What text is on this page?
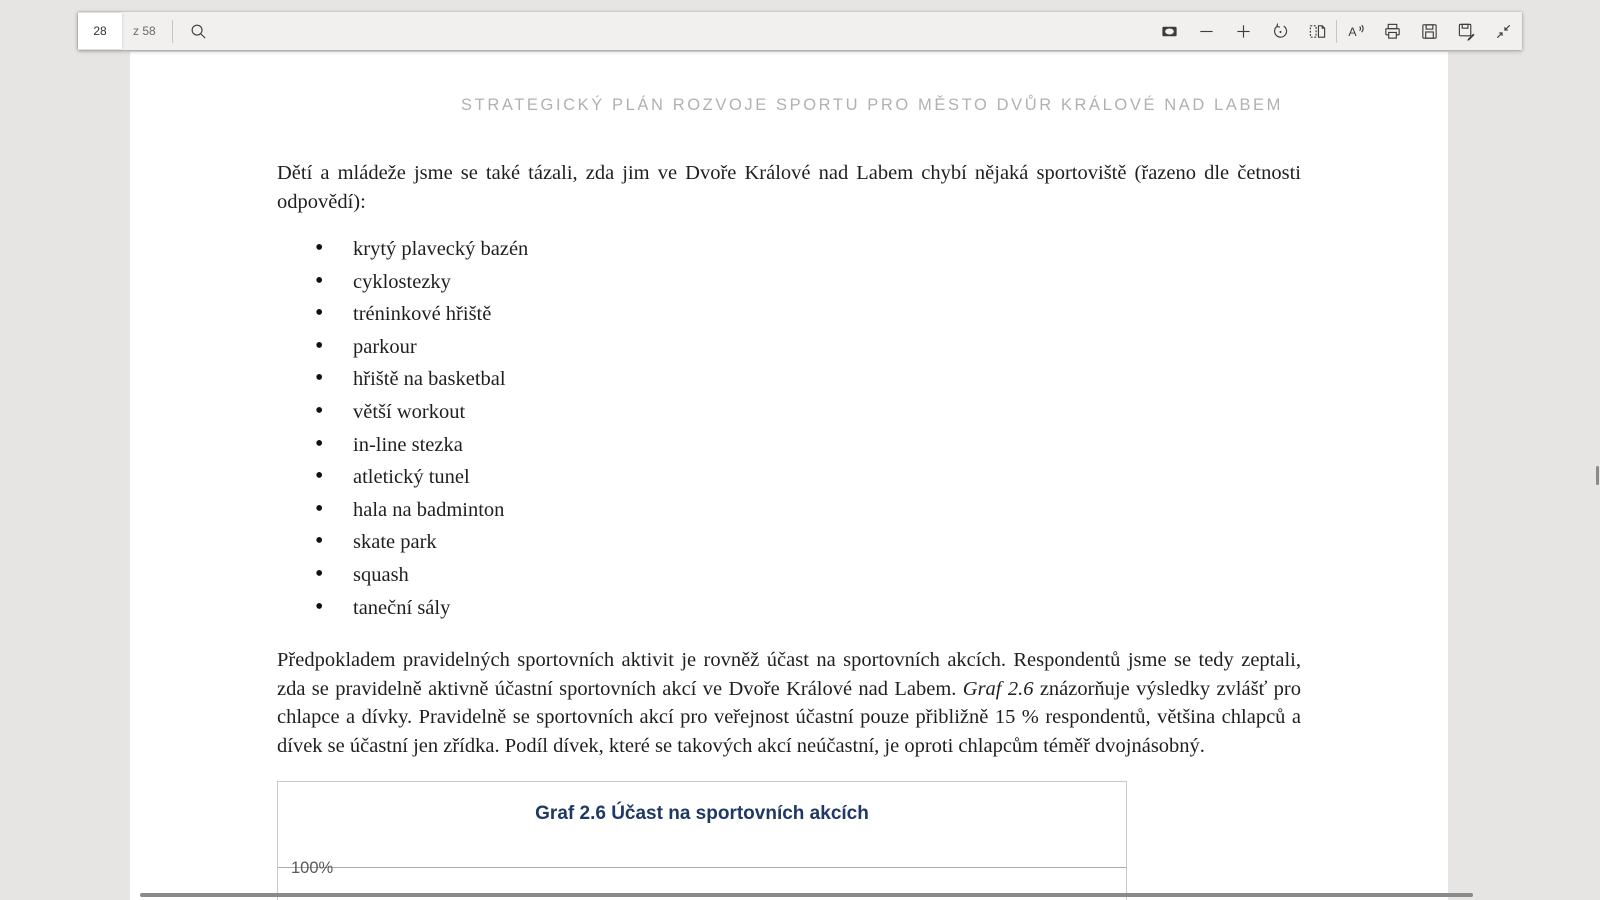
STRATEGICKÝ PLÁN ROZVOJE SPORTU PRO MĚSTO DVŮR KRÁLOVÉ NAD LABEM

Dětí a mládeže jsme se také tázali, zda jim ve Dvoře Králové nad Labem chybí nějaká sportoviště (řazeno dle četnosti odpovědí):

• krytý plavecký bazén
• cyklostezky
• tréninkové hřiště
• parkour
• hřiště na basketbal
• větší workout
• in-line stezka
• atletický tunel
• hala na badminton
• skate park
• squash
• taneční sály

Předpokladem pravidelných sportovních aktivit je rovněž účast na sportovních akcích. Respondentů jsme se tedy zeptali, zda se pravidelně aktivně účastní sportovních akcí ve Dvoře Králové nad Labem. Graf 2.6 znázorňuje výsledky zvlášť pro chlapce a dívky. Pravidelně se sportovních akcí pro veřejnost účastní pouze přibližně 15 % respondentů, většina chlapců a dívek se účastní jen zřídka. Podíl dívek, které se takových akcí neúčastní, je oproti chlapcům téměř dvojnásobný.

Graf 2.6 Účast na sportovních akcích
100%
28
z 58	A
